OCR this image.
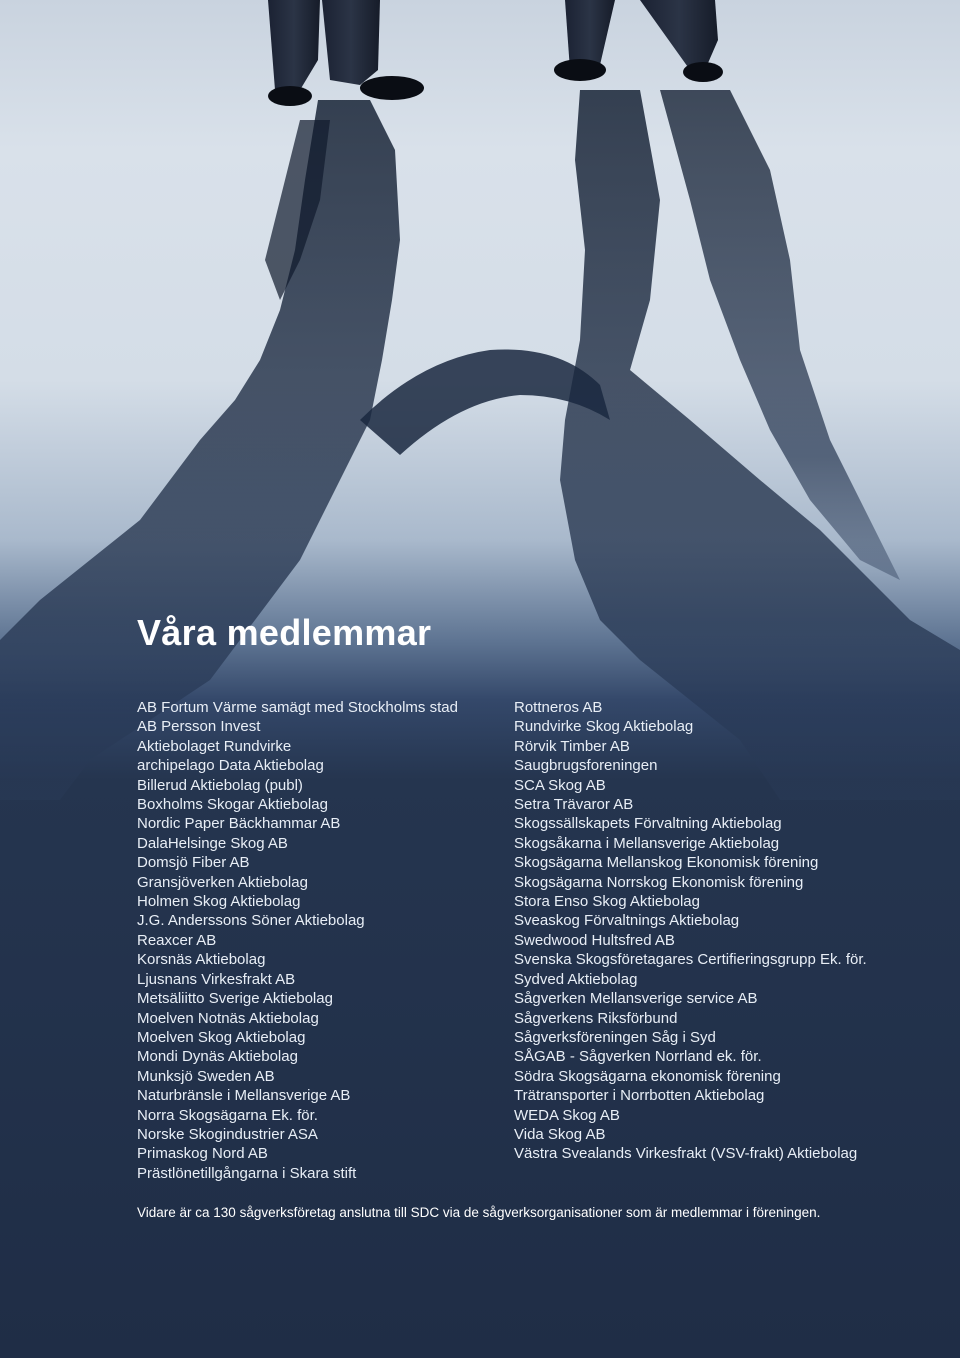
Våra medlemmar
AB Fortum Värme samägt med Stockholms stad
AB Persson Invest
Aktiebolaget Rundvirke
archipelago Data Aktiebolag
Billerud Aktiebolag (publ)
Boxholms Skogar Aktiebolag
Nordic Paper Bäckhammar AB
DalaHelsinge Skog AB
Domsjö Fiber AB
Gransjöverken Aktiebolag
Holmen Skog Aktiebolag
J.G. Anderssons Söner Aktiebolag
Reaxcer AB
Korsnäs Aktiebolag
Ljusnans Virkesfrakt AB
Metsäliitto Sverige Aktiebolag
Moelven Notnäs Aktiebolag
Moelven Skog Aktiebolag
Mondi Dynäs Aktiebolag
Munksjö Sweden AB
Naturbränsle i Mellansverige AB
Norra Skogsägarna Ek. för.
Norske Skogindustrier ASA
Primaskog Nord AB
Prästlönetillgångarna i Skara stift
Rottneros AB
Rundvirke Skog Aktiebolag
Rörvik Timber AB
Saugbrugsforeningen
SCA Skog AB
Setra Trävaror AB
Skogssällskapets Förvaltning Aktiebolag
Skogsåkarna i Mellansverige Aktiebolag
Skogsägarna Mellanskog Ekonomisk förening
Skogsägarna Norrskog Ekonomisk förening
Stora Enso Skog Aktiebolag
Sveaskog Förvaltnings Aktiebolag
Swedwood Hultsfred AB
Svenska Skogsföretagares Certifieringsgrupp Ek. för.
Sydved Aktiebolag
Sågverken Mellansverige service AB
Sågverkens Riksförbund
Sågverksföreningen Såg i Syd
SÅGAB - Sågverken Norrland ek. för.
Södra Skogsägarna ekonomisk förening
Trätransporter i Norrbotten Aktiebolag
WEDA Skog AB
Vida Skog AB
Västra Svealands Virkesfrakt (VSV-frakt) Aktiebolag

Vidare är ca 130 sågverksföretag anslutna till SDC via de sågverksorganisationer som är medlemmar i föreningen.
